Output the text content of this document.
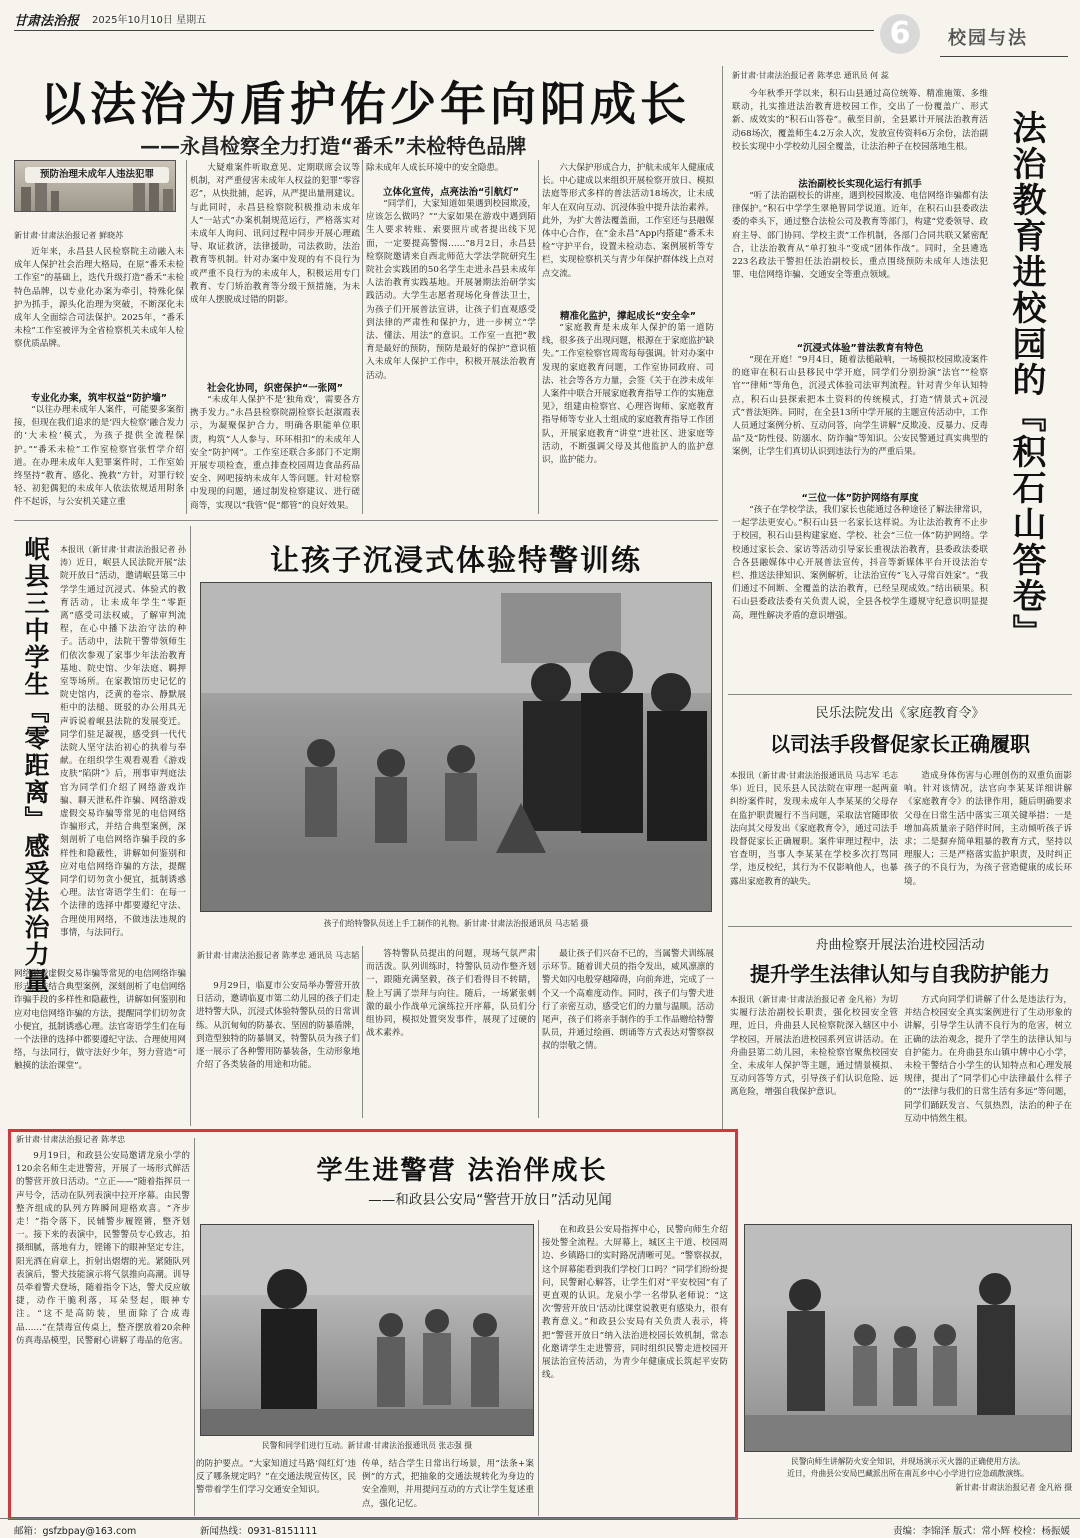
甘肃法治报 2025年10月10日 星期五	6	校园与法
以法治为盾护佑少年向阳成长
——永昌检察全力打造“番禾”未检特色品牌
预防治理未成年人违法犯罪
新甘肃·甘肃法治报记者 鲜晓苏

近年来，永昌县人民检察院主动融入未成年人保护社会治理大格局，在原“番禾未检工作室”的基础上，迭代升级打造“番禾”未检特色品牌，以专业化办案为牵引，特殊化保护为抓手，源头化治理为突破，不断深化未成年人全面综合司法保护。2025年，“番禾未检”工作室被评为全省检察机关未成年人检察优质品牌。

专业化办案，筑牢权益“防护墙”

“以往办理未成年人案件，可能要多案衔接，但现在我们追求的是‘四大检察’融合发力的‘大未检’模式，为孩子提供全流程保护。”“番禾未检”工作室检察官张哲学介绍道。在办理未成年人犯罪案件时，工作室始终坚持“教育、感化、挽救”方针，对罪行较轻、初犯偶犯的未成年人依法依规适用附条件不起诉，与公安机关建立重

大疑难案件听取意见、定期联席会议等机制，对严重侵害未成年人权益的犯罪“零容忍”，从快批捕，起诉，从严提出量刑建议。与此同时，永昌县检察院积极推动未成年人“一站式”办案机制规范运行，严格落实对未成年人询问、讯问过程中同步开展心理疏导、取证救济，法律援助，司法救助，法治教育等机制。针对办案中发现的有不良行为或严重不良行为的未成年人，积极运用专门教育、专门矫治教育等分级干预措施，为未成年人摆脱成过错的阴影。

社会化协同，织密保护“一张网”

“未成年人保护不是‘独角戏’，需要各方携手发力。”永昌县检察院副检察长赵淑霞表示，为凝聚保护合力，明确各职能单位职责，构筑“人人参与、环环相扣”的未成年人安全“防护网”。工作室还联合多部门不定期开展专项检查，重点排查校园周边食品药品安全、网吧接纳未成年人等问题。针对检察中发现的问题，通过制发检察建议、进行磋商等，实现以“我管”促“都管”的良好效果。

除未成年人成长环境中的安全隐患。
立体化宣传，点亮法治“引航灯”

“同学们，大家知道如果遇到校园欺凌，应该怎么做吗？”“大家如果在游戏中遇到陌生人要求转账、索要照片或者提出线下见面，一定要提高警惕……”8月2日，永昌县检察院邀请来自西北师范大学法学院研究生院社会实践团的50名学生走进永昌县未成年人法治教育实践基地。开展暑期法治研学实践活动。大学生志愿者现场化身普法卫士，为孩子们开展普法宣讲，让孩子们直观感受到法律的严肃性和保护力，进一步树立“学法、懂法、用法”的意识。工作室一直把“教育是最好的预防，预防是最好的保护”意识植入未成年人保护工作中，积极开展法治教育活动。

六大保护形成合力，护航未成年人健康成长。中心建成以来组织开展检察开放日、模拟法庭等形式多样的普法活动18场次，让未成年人在双向互动、沉浸体验中提升法治素养。此外，为扩大普法覆盖面，工作室还与县融媒体中心合作，在“金永昌”App内搭建“番禾未检”守护平台，设置未检动态、案例展析等专栏，实现检察机关与青少年保护群体线上点对点交流。

精准化监护，撑起成长“安全伞”

“家庭教育是未成年人保护的第一道防线，很多孩子出现问题，根源在于家庭监护缺失。”工作室检察官周鸾每每强调。针对办案中发现的家庭教育问题，工作室协同政府、司法、社会等各方力量，会签《关于在涉未成年人案件中联合开展家庭教育指导工作的实施意见》，组建由检察官、心理咨询师、家庭教育指导师等专业人士组成的家庭教育指导工作团队，开展家庭教育“讲堂”进社区、进家庭等活动，不断强调父母及其他监护人的监护意识，监护能力。

新甘肃·甘肃法治报记者 陈孝忠 通讯员 何 蕊

今年秋季开学以来，积石山县通过高位统筹、精准施策、多维联动，扎实推进法治教育进校园工作，交出了一份覆盖广、形式新、成效实的“积石山答卷”。截至目前，全县累计开展法治教育活动68场次，覆盖师生4.2万余人次，发放宣传资料6万余份，法治副校长实现中小学校幼儿园全覆盖，让法治种子在校园落地生根。

法治副校长实现化运行有抓手

“听了法治副校长的讲座，遇到校园欺凌、电信网络诈骗都有法律保护。”积石中学学生翠艳智同学说道。近年，在积石山县委政法委的牵头下，通过整合法检公司及教育等部门，构建“党委领导、政府主导、部门协同、学校主责”工作机制，各部门合同共联又紧密配合，让法治教育从“单打独斗”变成“团体作战”。同时，全县遴选223名政法干警担任法治副校长，重点围绕预防未成年人违法犯罪、电信网络诈骗、交通安全等重点领域。

“沉浸式体验”普法教育有特色

“现在开庭！”9月4日，随着法槌敲响，一场模拟校园欺凌案件的庭审在积石山县移民中学开庭，同学们分别扮演“法官”“检察官”“律师”等角色，沉浸式体验司法审判流程。针对青少年认知特点，积石山县探索把本土资料的传统模式，打造“情景式+沉浸式”普法矩阵。同时，在全县13所中学开展的主题宣传活动中，工作人员通过案例分析、互动问答，向学生讲解“反欺凌、反暴力、反毒品”及“防性侵、防溺水、防诈骗”等知识。公安民警通过真实典型的案例，让学生们真切认识到违法行为的严重后果。

“三位一体”防护网络有厚度

“孩子在学校学法，我们家长也能通过各种途径了解法律常识，一起学法更安心。”积石山县一名家长这样说。为让法治教育不止步于校园，积石山县构建家庭、学校、社会“三位一体”防护网络。学校通过家长会、家访等活动引导家长重视法治教育，县委政法委联合各县融媒体中心开展普法宣传，抖音等新媒体平台开设法治专栏、推送法律知识、案例解析，让法治宣传“飞入寻常百姓家”。“我们通过不间断、全覆盖的法治教育，已经呈现成效。”结出硕果。积石山县委政法委有关负责人说，全县各校学生遵规守纪意识明显提高，理性解决矛盾的意识增强。	法治教育进校园的『积石山答卷』
岷县三中学生『零距离』感受法治力量 本报讯（新甘肃·甘肃法治报记者 孙涛）近日，岷县人民法院开展“法院开放日”活动，邀请岷县第三中学学生通过沉浸式、体验式的教育活动，让未成年学生“零距离”感受司法权威，了解审判流程，在心中播下法治守法的种子。活动中，法院干警带领师生们依次参观了家事少年法治教育基地、院史馆、少年法庭、羁押室等场所。在家教馆历史记忆的院史馆内，泛黄的卷宗、静默展柜中的法槌、斑驳的办公用具无声诉说着岷县法院的发展变迁。同学们驻足凝视，感受到一代代法院人坚守法治初心的执着与奉献。在组织学生观看观看《游戏皮肤“陷阱”》后，刑事审判庭法官为同学们介绍了网络游戏诈骗、聊天泄私件诈骗、网络游戏虚假交易诈骗等常见的电信网络诈骗形式，并结合典型案例，深刻剖析了电信网络诈骗手段的多样性和隐蔽性，讲解如何鉴别和应对电信网络诈骗的方法，提醒同学们切勿贪小便宜，抵制诱惑心理。法官寄语学生们：在每一个法律的选择中都要遵纪守法、合理使用网络，不做违法违规的事情，与法同行。
网络游戏虚假交易诈骗等常见的电信网络诈骗形式，并结合典型案例，深刻剖析了电信网络诈骗手段的多样性和隐蔽性，讲解如何鉴别和应对电信网络诈骗的方法，提醒同学们切勿贪小便宜，抵制诱惑心理。法官寄语学生们在每一个法律的选择中都要遵纪守法、合理使用网络，与法同行，做守法好少年，努力营造“可触摸的法治课堂”。
让孩子沉浸式体验特警训练
孩子们给特警队员送上手工制作的礼物。新甘肃·甘肃法治报通讯员 马志韬 摄
新甘肃·甘肃法治报记者 陈孝忠 通讯员 马志韬

9月29日，临夏市公安局举办警营开放日活动，邀请临夏市第二幼儿园的孩子们走进特警大队，沉浸式体验特警队员的日常训练。从沉甸甸的防暴衣、坚固的防暴盾牌，到造型独特的防暴钢叉，特警队员为孩子们逐一展示了各种警用防暴装备，生动形象地介绍了各类装备的用途和功能。

答特警队员提出的问题，现场气氛严肃而活泼。队列训练时，特警队员动作整齐划一，跟随充满坚毅，孩子们看得目不转睛，脸上写满了崇拜与向往。随后，一场紧张刺激的最小作战单元演练拉开序幕，队员们分组协同，模拟处置突发事件，展现了过硬的战术素养。

最让孩子们兴奋不已的，当属警犬训练展示环节。随着训犬员的指令发出，威风凛凛的警犬如闪电般穿越障碍，向前奔进，完成了一个又一个高难度动作。同时，孩子们与警犬进行了亲密互动，感受它们的力量与温顺。活动尾声，孩子们将亲手制作的手工作品赠给特警队员，并通过绘画、朗诵等方式表达对警察叔叔的崇敬之情。

民乐法院发出《家庭教育令》
以司法手段督促家长正确履职
本报讯（新甘肃·甘肃法治报通讯员 马志军 毛志华）近日，民乐县人民法院在审理一起两童纠纷案件时，发现未成年人李某某的父母存在监护职责履行不当问题，采取法官随即依法向其父母发出《家庭教育令》，通过司法手段督促家长正确履职。案件审理过程中，法官查明，当事人李某某在学校多次打骂同学，违反校纪，其行为不仅影响他人，也暴露出家庭教育的缺失。

造成身体伤害与心理创伤的双重负面影响。针对该情况，法官向李某某详细讲解《家庭教育令》的法律作用，随后明确要求父母在日常生活中落实三项关键举措：一是增加高质量亲子陪伴时间，主动倾听孩子诉求；二是摒弃简单粗暴的教育方式，坚持以理服人；三是严格落实监护职责，及时纠正孩子的不良行为，为孩子营造健康的成长环境。

舟曲检察开展法治进校园活动
提升学生法律认知与自我防护能力
本报讯（新甘肃·甘肃法治报记者 金凡裕）为切实履行法治副校长职责，强化校园安全管理，近日，舟曲县人民检察院深入辖区中小学校园，开展法治进校园系列宣讲活动。在舟曲县第二幼儿园，未检检察官聚焦校园安全、未成年人保护等主题，通过情景模拟、互动问答等方式，引导孩子们认识危险、远离危险，增强自我保护意识。

方式向同学们讲解了什么是违法行为，并结合校园安全真实案例进行了生动形象的讲解，引导学生认清不良行为的危害，树立正确的法治观念，提升了学生的法律认知与自护能力。在舟曲县东山镇中牌中心小学，未检干警结合小学生的认知特点和心理发展规律，提出了“同学们心中法律最什么样子的”“法律与我们的日常生活有多远”等问题，同学们踊跃发言、气氛热烈，法治的种子在互动中悄然生根。

民警向师生讲解防火安全知识，并现场演示灭火器的正确使用方法。
近日，舟曲县公安局巴藏派出所在南瓦乡中心小学进行应急疏散演练。
新甘肃·甘肃法治报记者 金凡裕 摄
新甘肃·甘肃法治报记者 陈孝忠

9月19日，和政县公安局邀请龙泉小学的120余名师生走进警营，开展了一场形式鲜活的警营开放日活动。“立正——”随着指挥员一声号令，活动在队列表演中拉开序幕。由民警整齐组成的队列方阵瞬间迎格欢喜。“齐步走！”指令落下，民辅警步履铿锵，整齐划一。接下来的表演中，民警警员专心致志，拍摄细腻，落地有力，铿锵下的眼神坚定专注，阳光洒在肩章上，折射出熠熠的光。紧随队列表演后，警犬技能演示将气氛推向高潮。训导员牵着警犬登场，随着指令下达，警犬反应敏捷，动作干脆利落，耳朵竖起，眼神专注。“这不是高防装，里面除了合成毒品……”在禁毒宣传桌上，整齐摆放着20余种仿真毒品模型，民警耐心讲解了毒品的危害。

学生进警营 法治伴成长
——和政县公安局“警营开放日”活动见闻
民警和同学们进行互动。新甘肃·甘肃法治报通讯员 张志强 摄
的防护要点。“大家知道过马路‘闯红灯’违反了哪条规定吗？”在交通法规宣传区，民警带着学生们学习交通安全知识。
传单，结合学生日常出行场景，用“法条+案例”的方式，把抽象的交通法规转化为身边的安全准则，并用提问互动的方式让学生复述重点，强化记忆。

在和政县公安局指挥中心，民警向师生介绍接处警全流程。大屏幕上，城区主干道、校园周边、乡镇路口的实时路况清晰可见。“警察叔叔，这个屏幕能看到我们学校门口吗？”同学们纷纷提问，民警耐心解答，让学生们对“平安校园”有了更直观的认识。龙泉小学一名带队老师说：“这次‘警营开放日’活动比课堂说教更有感染力，很有教育意义。”和政县公安局有关负责人表示，将把“警营开放日”纳入法治进校园长效机制，常态化邀请学生走进警营，同时组织民警走进校园开展法治宣传活动，为青少年健康成长筑起平安防线。

邮箱：gsfzbpay@163.com	新闻热线：0931-8151111	责编：李锦泽 版式：常小辉 校检：杨振媛
